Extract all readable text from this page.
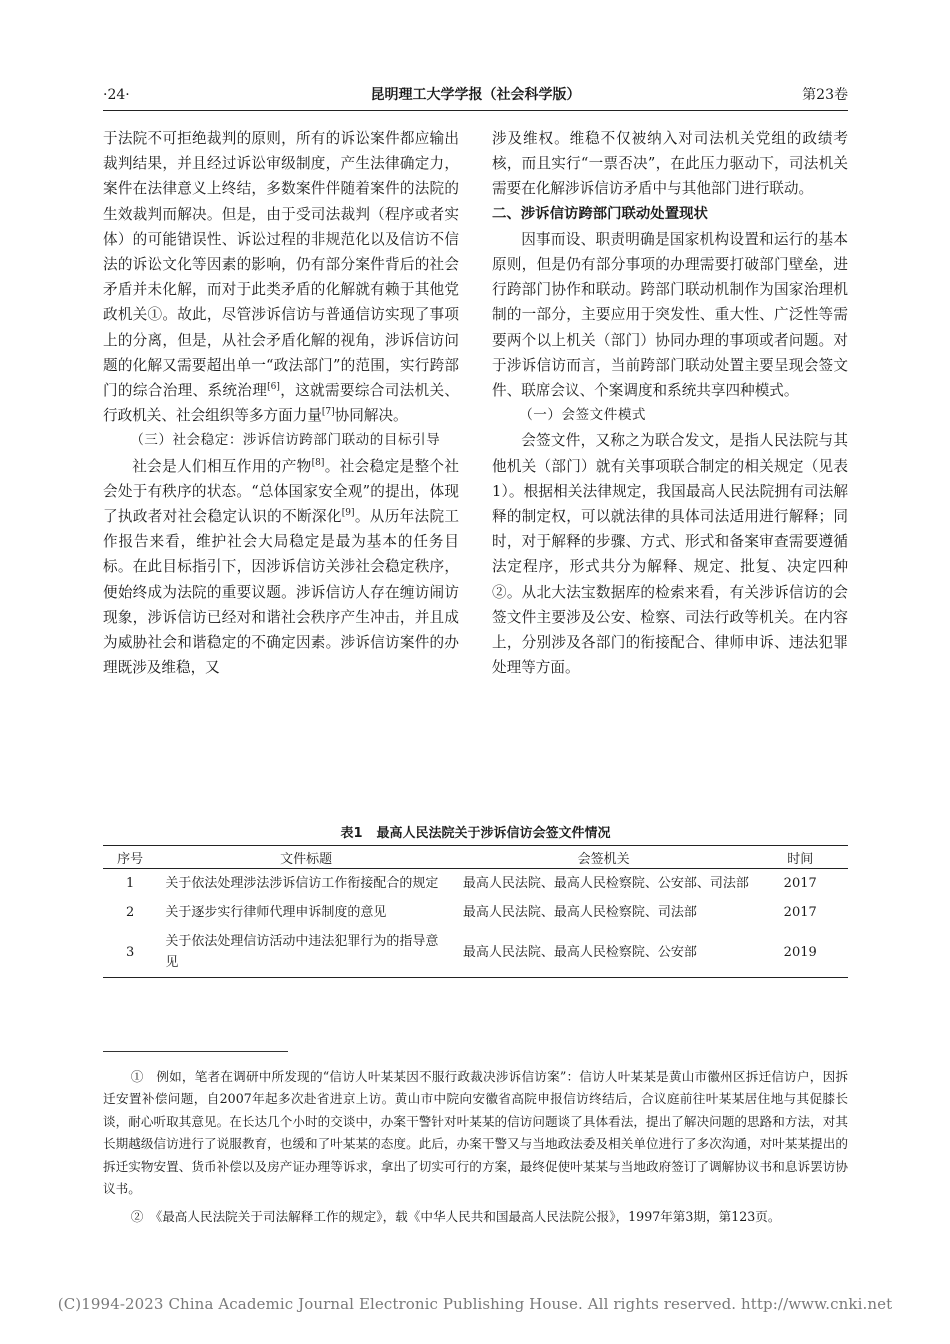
·24·	昆明理工大学学报（社会科学版）	第23卷

于法院不可拒绝裁判的原则，所有的诉讼案件都应输出裁判结果，并且经过诉讼审级制度，产生法律确定力，案件在法律意义上终结，多数案件伴随着案件的法院的生效裁判而解决。但是，由于受司法裁判（程序或者实体）的可能错误性、诉讼过程的非规范化以及信访不信法的诉讼文化等因素的影响，仍有部分案件背后的社会矛盾并未化解，而对于此类矛盾的化解就有赖于其他党政机关①。故此，尽管涉诉信访与普通信访实现了事项上的分离，但是，从社会矛盾化解的视角，涉诉信访问题的化解又需要超出单一“政法部门”的范围，实行跨部门的综合治理、系统治理[6]，这就需要综合司法机关、行政机关、社会组织等多方面力量[7]协同解决。

（三）社会稳定：涉诉信访跨部门联动的目标引导

社会是人们相互作用的产物[8]。社会稳定是整个社会处于有秩序的状态。“总体国家安全观”的提出，体现了执政者对社会稳定认识的不断深化[9]。从历年法院工作报告来看，维护社会大局稳定是最为基本的任务目标。在此目标指引下，因涉诉信访关涉社会稳定秩序，便始终成为法院的重要议题。涉诉信访人存在缠访闹访现象，涉诉信访已经对和谐社会秩序产生冲击，并且成为威胁社会和谐稳定的不确定因素。涉诉信访案件的办理既涉及维稳，又

涉及维权。维稳不仅被纳入对司法机关党组的政绩考核，而且实行“一票否决”，在此压力驱动下，司法机关需要在化解涉诉信访矛盾中与其他部门进行联动。

二、涉诉信访跨部门联动处置现状

因事而设、职责明确是国家机构设置和运行的基本原则，但是仍有部分事项的办理需要打破部门壁垒，进行跨部门协作和联动。跨部门联动机制作为国家治理机制的一部分，主要应用于突发性、重大性、广泛性等需要两个以上机关（部门）协同办理的事项或者问题。对于涉诉信访而言，当前跨部门联动处置主要呈现会签文件、联席会议、个案调度和系统共享四种模式。

（一）会签文件模式

会签文件，又称之为联合发文，是指人民法院与其他机关（部门）就有关事项联合制定的相关规定（见表1）。根据相关法律规定，我国最高人民法院拥有司法解释的制定权，可以就法律的具体司法适用进行解释；同时，对于解释的步骤、方式、形式和备案审查需要遵循法定程序，形式共分为解释、规定、批复、决定四种②。从北大法宝数据库的检索来看，有关涉诉信访的会签文件主要涉及公安、检察、司法行政等机关。在内容上，分别涉及各部门的衔接配合、律师申诉、违法犯罪处理等方面。

表1 最高人民法院关于涉诉信访会签文件情况
序号	文件标题	会签机关	时间
1	关于依法处理涉法涉诉信访工作衔接配合的规定	最高人民法院、最高人民检察院、公安部、司法部	2017
2	关于逐步实行律师代理申诉制度的意见	最高人民法院、最高人民检察院、司法部	2017
3	关于依法处理信访活动中违法犯罪行为的指导意见	最高人民法院、最高人民检察院、公安部	2019

①　例如，笔者在调研中所发现的“信访人叶某某因不服行政裁决涉诉信访案”：信访人叶某某是黄山市徽州区拆迁信访户，因拆迁安置补偿问题，自2007年起多次赴省进京上访。黄山市中院向安徽省高院申报信访终结后，合议庭前往叶某某居住地与其促膝长谈，耐心听取其意见。在长达几个小时的交谈中，办案干警针对叶某某的信访问题谈了具体看法，提出了解决问题的思路和方法，对其长期越级信访进行了说服教育，也缓和了叶某某的态度。此后，办案干警又与当地政法委及相关单位进行了多次沟通，对叶某某提出的拆迁实物安置、货币补偿以及房产证办理等诉求，拿出了切实可行的方案，最终促使叶某某与当地政府签订了调解协议书和息诉罢访协议书。

②　《最高人民法院关于司法解释工作的规定》，载《中华人民共和国最高人民法院公报》，1997年第3期，第123页。

(C)1994-2023 China Academic Journal Electronic Publishing House. All rights reserved. http://www.cnki.net
